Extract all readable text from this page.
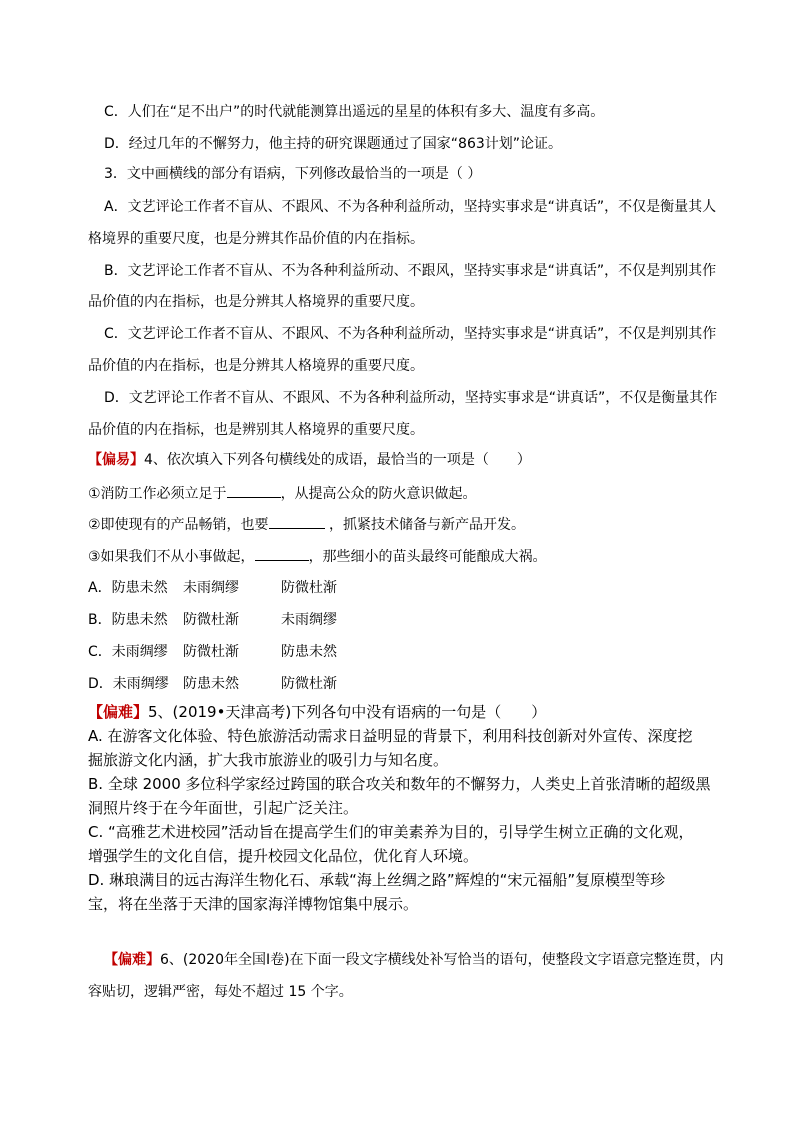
C．人们在“足不出户”的时代就能测算出遥远的星星的体积有多大、温度有多高。

D．经过几年的不懈努力，他主持的研究课题通过了国家“863计划”论证。

3．文中画横线的部分有语病，下列修改最恰当的一项是（ ）

A．文艺评论工作者不盲从、不跟风、不为各种利益所动，坚持实事求是“讲真话”，不仅是衡量其人

格境界的重要尺度，也是分辨其作品价值的内在指标。

B．文艺评论工作者不盲从、不为各种利益所动、不跟风，坚持实事求是“讲真话”，不仅是判别其作

品价值的内在指标，也是分辨其人格境界的重要尺度。

C．文艺评论工作者不盲从、不跟风、不为各种利益所动，坚持实事求是“讲真话”，不仅是判别其作

品价值的内在指标，也是分辨其人格境界的重要尺度。

D．文艺评论工作者不盲从、不跟风、不为各种利益所动，坚持实事求是“讲真话”，不仅是衡量其作

品价值的内在指标，也是辨别其人格境界的重要尺度。

【偏易】4、依次填入下列各句横线处的成语，最恰当的一项是（　　）

①消防工作必须立足于	，从提高公众的防火意识做起。

②即使现有的产品畅销，也要	，抓紧技术储备与新产品开发。

③如果我们不从小事做起，	，那些细小的苗头最终可能酿成大祸。

A．防患未然 未雨绸缪	防微杜渐

B．防患未然 防微杜渐	未雨绸缪

C．未雨绸缪 防微杜渐	防患未然

D．未雨绸缪 防患未然	防微杜渐

【偏难】5、(2019•天津高考)下列各句中没有语病的一句是（　　）

A. 在游客文化体验、特色旅游活动需求日益明显的背景下，利用科技创新对外宣传、深度挖

掘旅游文化内涵，扩大我市旅游业的吸引力与知名度。

B. 全球 2000 多位科学家经过跨国的联合攻关和数年的不懈努力，人类史上首张清晰的超级黑

洞照片终于在今年面世，引起广泛关注。

C. “高雅艺术进校园”活动旨在提高学生们的审美素养为目的，引导学生树立正确的文化观，

增强学生的文化自信，提升校园文化品位，优化育人环境。

D. 琳琅满目的远古海洋生物化石、承载“海上丝绸之路”辉煌的“宋元福船”复原模型等珍

宝，将在坐落于天津的国家海洋博物馆集中展示。

【偏难】6、(2020年全国Ⅰ卷)在下面一段文字横线处补写恰当的语句，使整段文字语意完整连贯，内

容贴切，逻辑严密，每处不超过 15 个字。
